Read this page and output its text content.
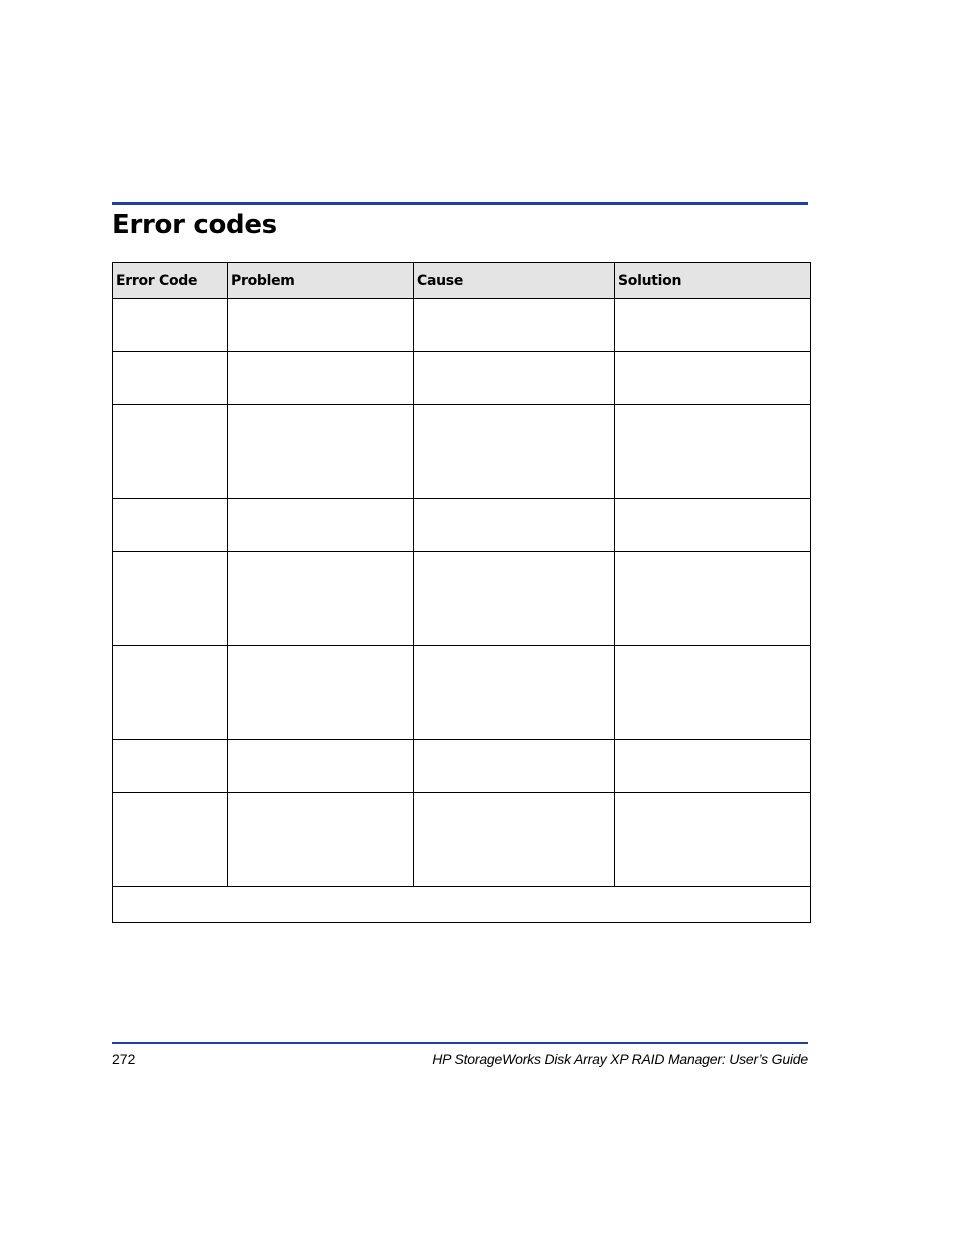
Error codes
Error Code	Problem	Cause	Solution

272	HP StorageWorks Disk Array XP RAID Manager: User’s Guide
